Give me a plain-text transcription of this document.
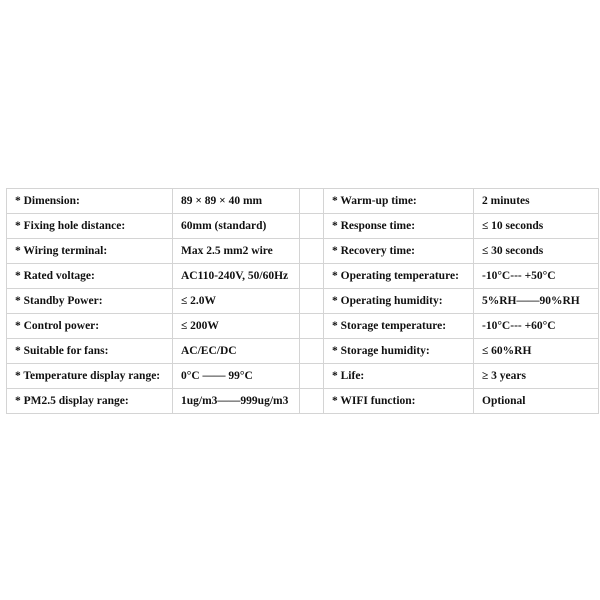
* Dimension:	89 × 89 × 40 mm		* Warm-up time:	2 minutes
* Fixing hole distance:	60mm (standard)		* Response time:	≤ 10 seconds
* Wiring terminal:	Max 2.5 mm2 wire		* Recovery time:	≤ 30 seconds
* Rated voltage:	AC110-240V, 50/60Hz		* Operating temperature:	-10°C--- +50°C
* Standby Power:	≤ 2.0W		* Operating humidity:	5%RH——90%RH
* Control power:	≤ 200W		* Storage temperature:	-10°C--- +60°C
* Suitable for fans:	AC/EC/DC		* Storage humidity:	≤ 60%RH
* Temperature display range:	0°C —— 99°C		* Life:	≥ 3 years
* PM2.5 display range:	1ug/m3——999ug/m3		* WIFI function:	Optional
